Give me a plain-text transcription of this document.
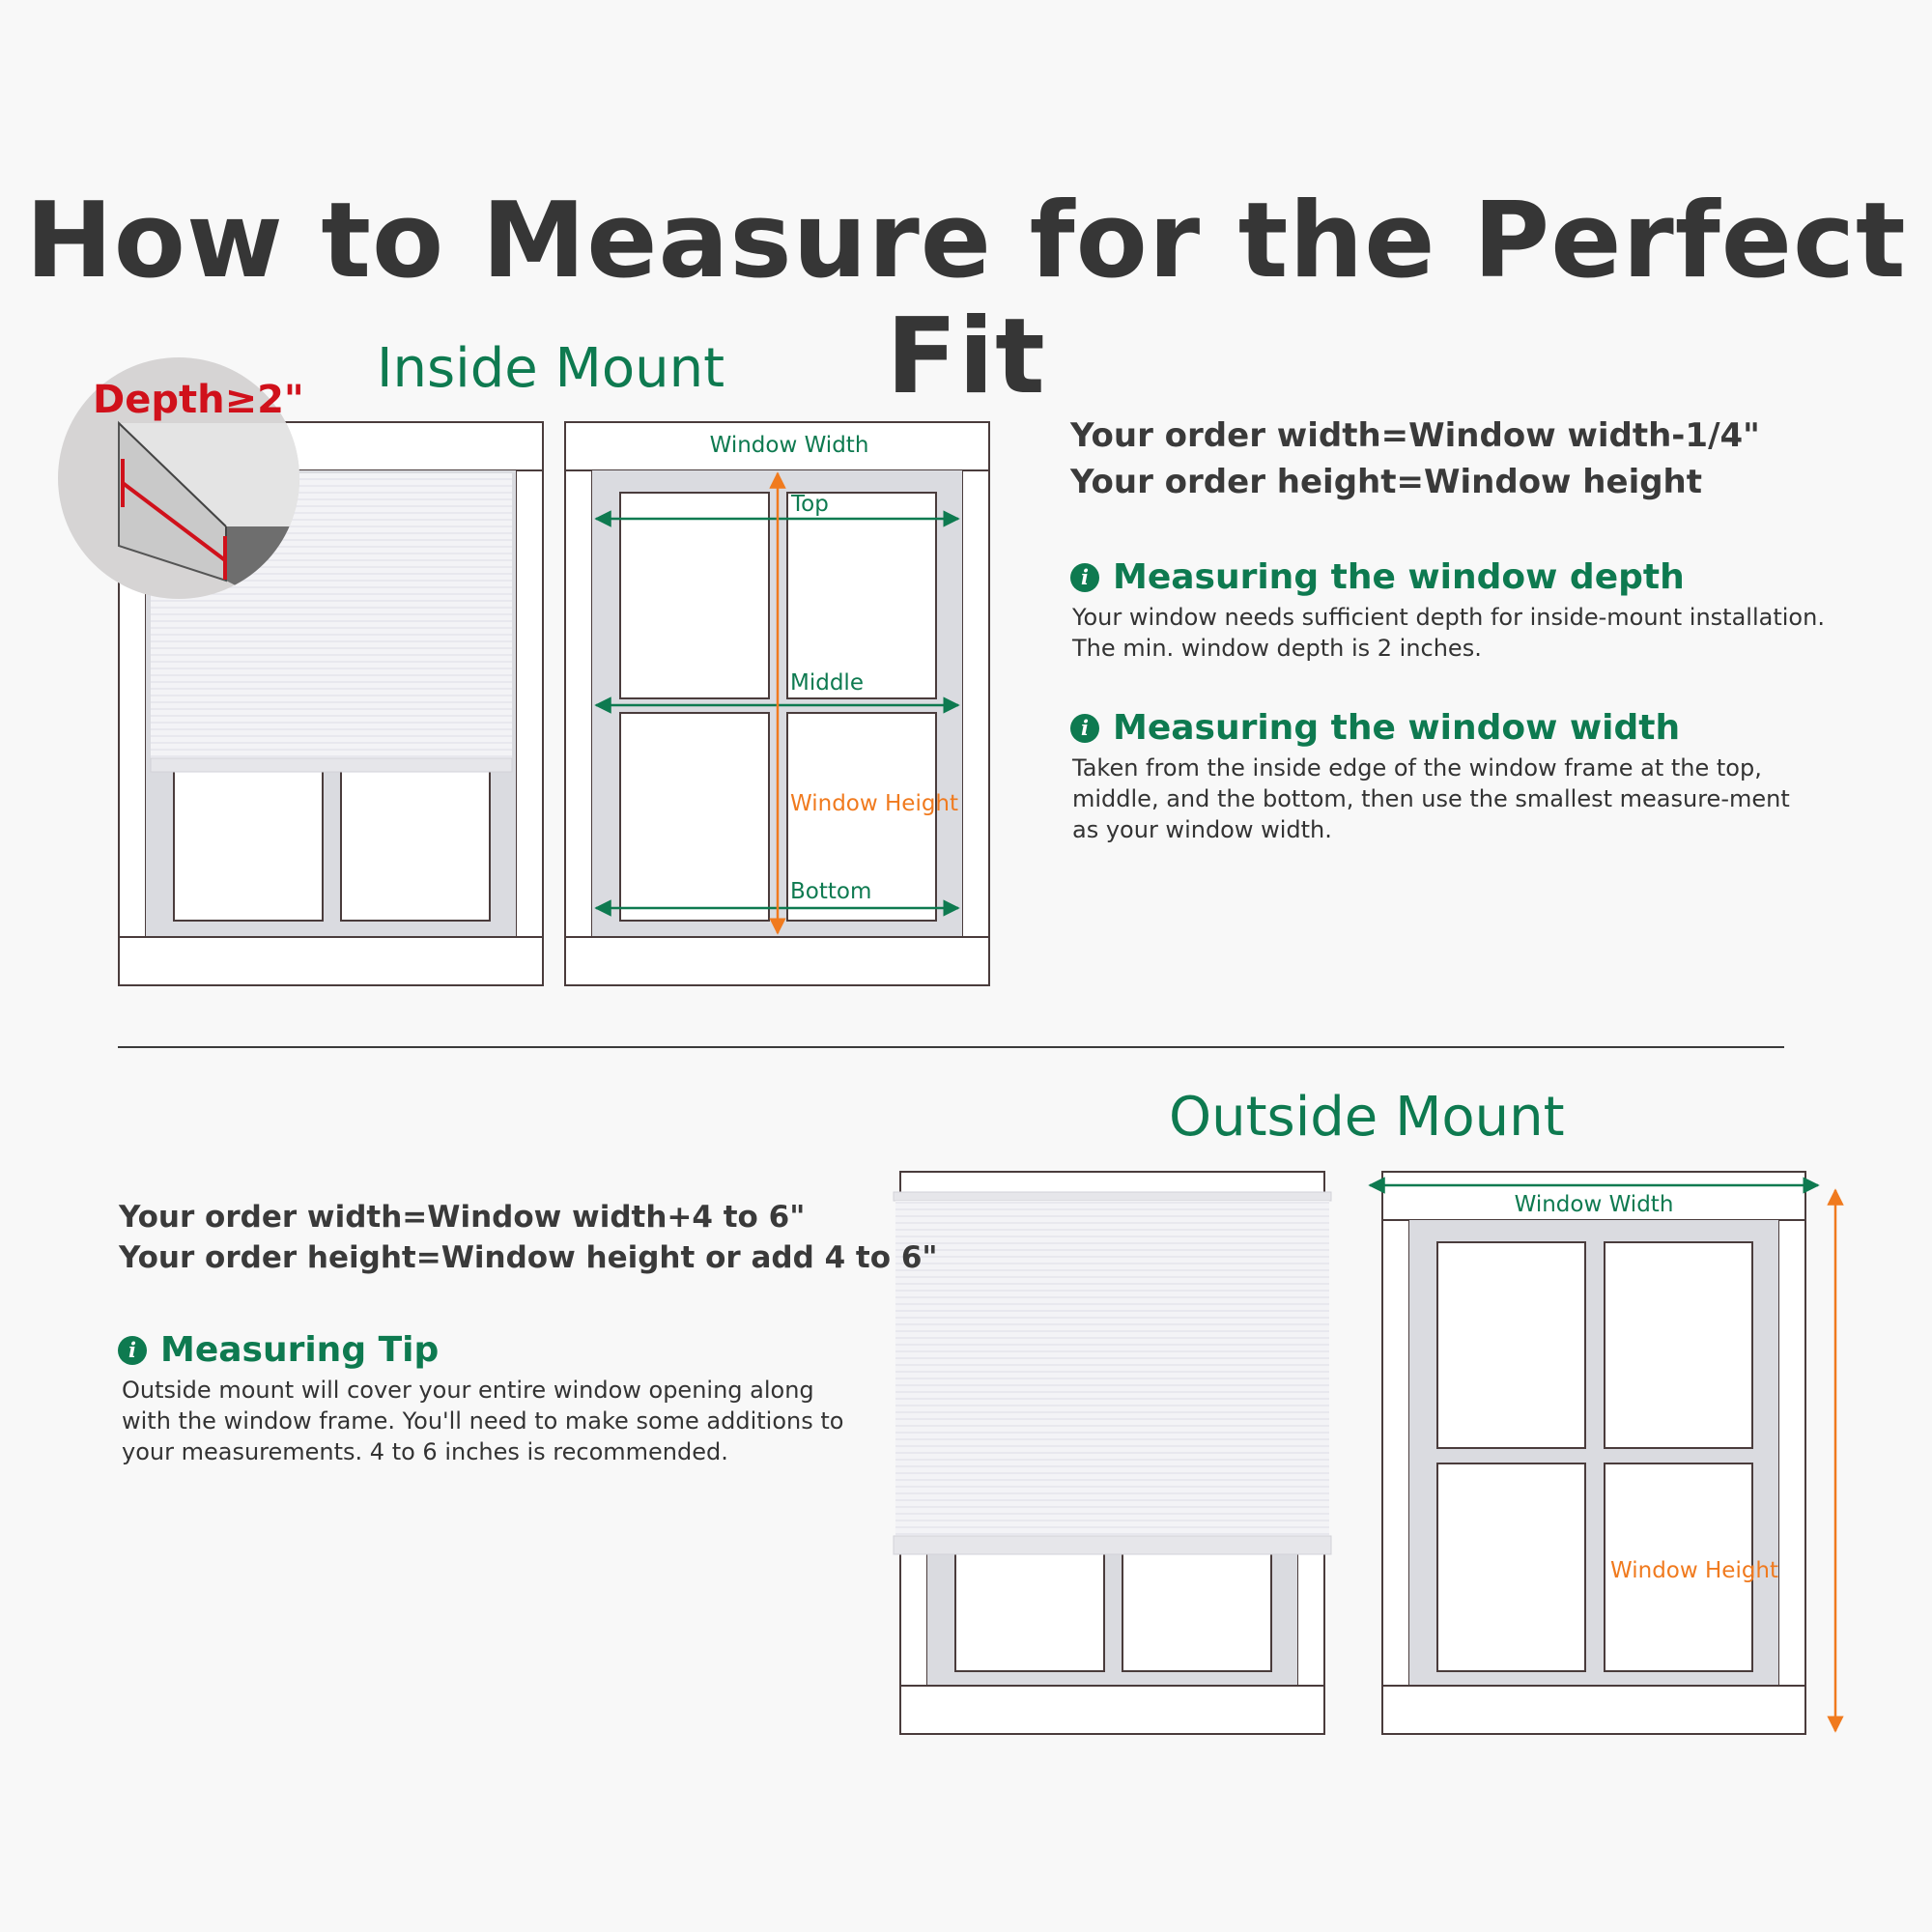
How to Measure for the Perfect Fit
Depth≥2"
Window Width
Top
Middle
Window Height
Bottom
Window Width
Window Height
Inside Mount
Your order width=Window width-1/4"
Your order height=Window height
i Measuring the window depth
Your window needs sufficient depth for inside-mount installation. The min. window depth is 2 inches.
i Measuring the window width
Taken from the inside edge of the window frame at the top, middle, and the bottom, then use the smallest measure-ment as your window width.
Outside Mount
Your order width=Window width+4 to 6"
Your order height=Window height or add 4 to 6"
i Measuring Tip
Outside mount will cover your entire window opening along with the window frame. You'll need to make some additions to your measurements. 4 to 6 inches is recommended.
